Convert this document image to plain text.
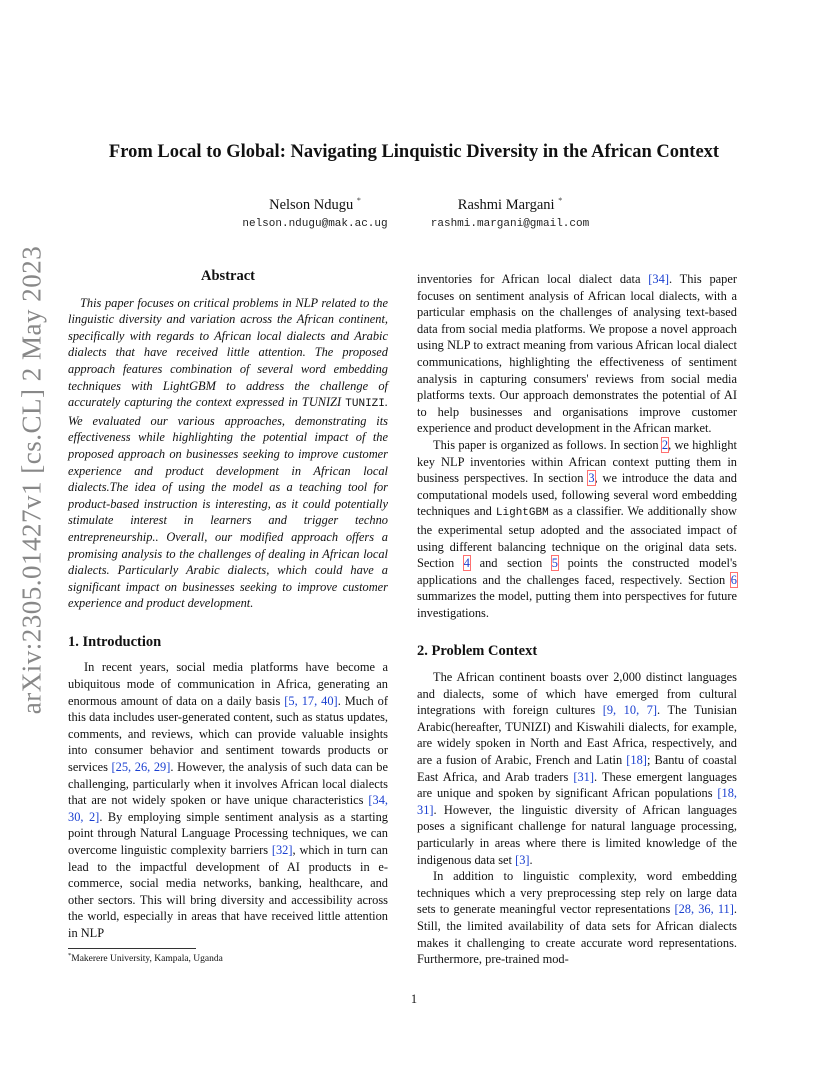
arXiv:2305.01427v1 [cs.CL] 2 May 2023
From Local to Global: Navigating Linquistic Diversity in the African Context
Nelson Ndugu *
nelson.ndugu@mak.ac.ug
Rashmi Margani *
rashmi.margani@gmail.com
Abstract

This paper focuses on critical problems in NLP related to the linguistic diversity and variation across the African continent, specifically with regards to African local dialects and Arabic dialects that have received little attention. The proposed approach features combination of several word embedding techniques with LightGBM to address the challenge of accurately capturing the context expressed in TUNIZI TUNIZI. We evaluated our various approaches, demonstrating its effectiveness while highlighting the potential impact of the proposed approach on businesses seeking to improve customer experience and product development in African local dialects.The idea of using the model as a teaching tool for product-based instruction is interesting, as it could potentially stimulate interest in learners and trigger techno entrepreneurship.. Overall, our modified approach offers a promising analysis to the challenges of dealing in African local dialects. Particularly Arabic dialects, which could have a significant impact on businesses seeking to improve customer experience and product development.

1. Introduction

In recent years, social media platforms have become a ubiquitous mode of communication in Africa, generating an enormous amount of data on a daily basis [5, 17, 40]. Much of this data includes user-generated content, such as status updates, comments, and reviews, which can provide valuable insights into consumer behavior and sentiment towards products or services [25, 26, 29]. However, the analysis of such data can be challenging, particularly when it involves African local dialects that are not widely spoken or have unique characteristics [34, 30, 2]. By employing simple sentiment analysis as a starting point through Natural Language Processing techniques, we can overcome linguistic complexity barriers [32], which in turn can lead to the impactful development of AI products in e-commerce, social media networks, banking, healthcare, and other sectors. This will bring diversity and accessibility across the world, especially in areas that have received little attention in NLP

inventories for African local dialect data [34]. This paper focuses on sentiment analysis of African local dialects, with a particular emphasis on the challenges of analysing text-based data from social media platforms. We propose a novel approach using NLP to extract meaning from various African local dialect communications, highlighting the effectiveness of sentiment analysis in capturing consumers' reviews from social media platforms texts. Our approach demonstrates the potential of AI to help businesses and organisations improve customer experience and product development in the African market.

This paper is organized as follows. In section 2, we highlight key NLP inventories within African context putting them in business perspectives. In section 3, we introduce the data and computational models used, following several word embedding techniques and LightGBM as a classifier. We additionally show the experimental setup adopted and the associated impact of using different balancing technique on the original data sets. Section 4 and section 5 points the constructed model's applications and the challenges faced, respectively. Section 6 summarizes the model, putting them into perspectives for future investigations.

2. Problem Context

The African continent boasts over 2,000 distinct languages and dialects, some of which have emerged from cultural integrations with foreign cultures [9, 10, 7]. The Tunisian Arabic(hereafter, TUNIZI) and Kiswahili dialects, for example, are widely spoken in North and East Africa, respectively, and are a fusion of Arabic, French and Latin [18]; Bantu of coastal East Africa, and Arab traders [31]. These emergent languages are unique and spoken by significant African populations [18, 31]. However, the linguistic diversity of African languages poses a significant challenge for natural language processing, particularly in areas where there is limited knowledge of the indigenous data set [3].

In addition to linguistic complexity, word embedding techniques which a very preprocessing step rely on large data sets to generate meaningful vector representations [28, 36, 11]. Still, the limited availability of data sets for African dialects makes it challenging to create accurate word representations. Furthermore, pre-trained mod-

*Makerere University, Kampala, Uganda
1
